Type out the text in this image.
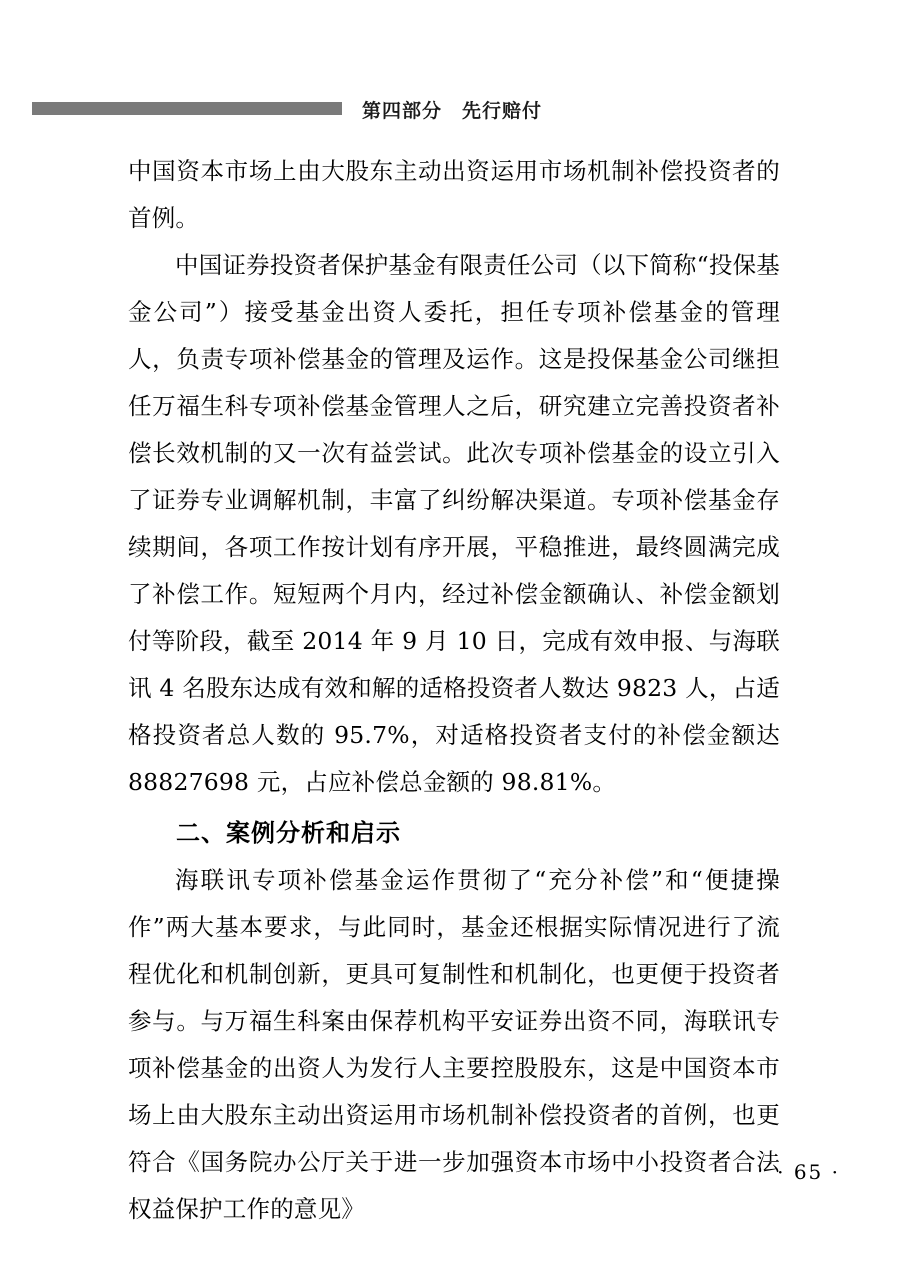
第四部分　先行赔付

中国资本市场上由大股东主动出资运用市场机制补偿投资者的首例。

中国证券投资者保护基金有限责任公司（以下简称“投保基金公司”）接受基金出资人委托，担任专项补偿基金的管理人，负责专项补偿基金的管理及运作。这是投保基金公司继担任万福生科专项补偿基金管理人之后，研究建立完善投资者补偿长效机制的又一次有益尝试。此次专项补偿基金的设立引入了证券专业调解机制，丰富了纠纷解决渠道。专项补偿基金存续期间，各项工作按计划有序开展，平稳推进，最终圆满完成了补偿工作。短短两个月内，经过补偿金额确认、补偿金额划付等阶段，截至 2014 年 9 月 10 日，完成有效申报、与海联讯 4 名股东达成有效和解的适格投资者人数达 9823 人，占适格投资者总人数的 95.7%，对适格投资者支付的补偿金额达 88827698 元，占应补偿总金额的 98.81%。

二、案例分析和启示

海联讯专项补偿基金运作贯彻了“充分补偿”和“便捷操作”两大基本要求，与此同时，基金还根据实际情况进行了流程优化和机制创新，更具可复制性和机制化，也更便于投资者参与。与万福生科案由保荐机构平安证券出资不同，海联讯专项补偿基金的出资人为发行人主要控股股东，这是中国资本市场上由大股东主动出资运用市场机制补偿投资者的首例，也更符合《国务院办公厅关于进一步加强资本市场中小投资者合法权益保护工作的意见》

· 65 ·
